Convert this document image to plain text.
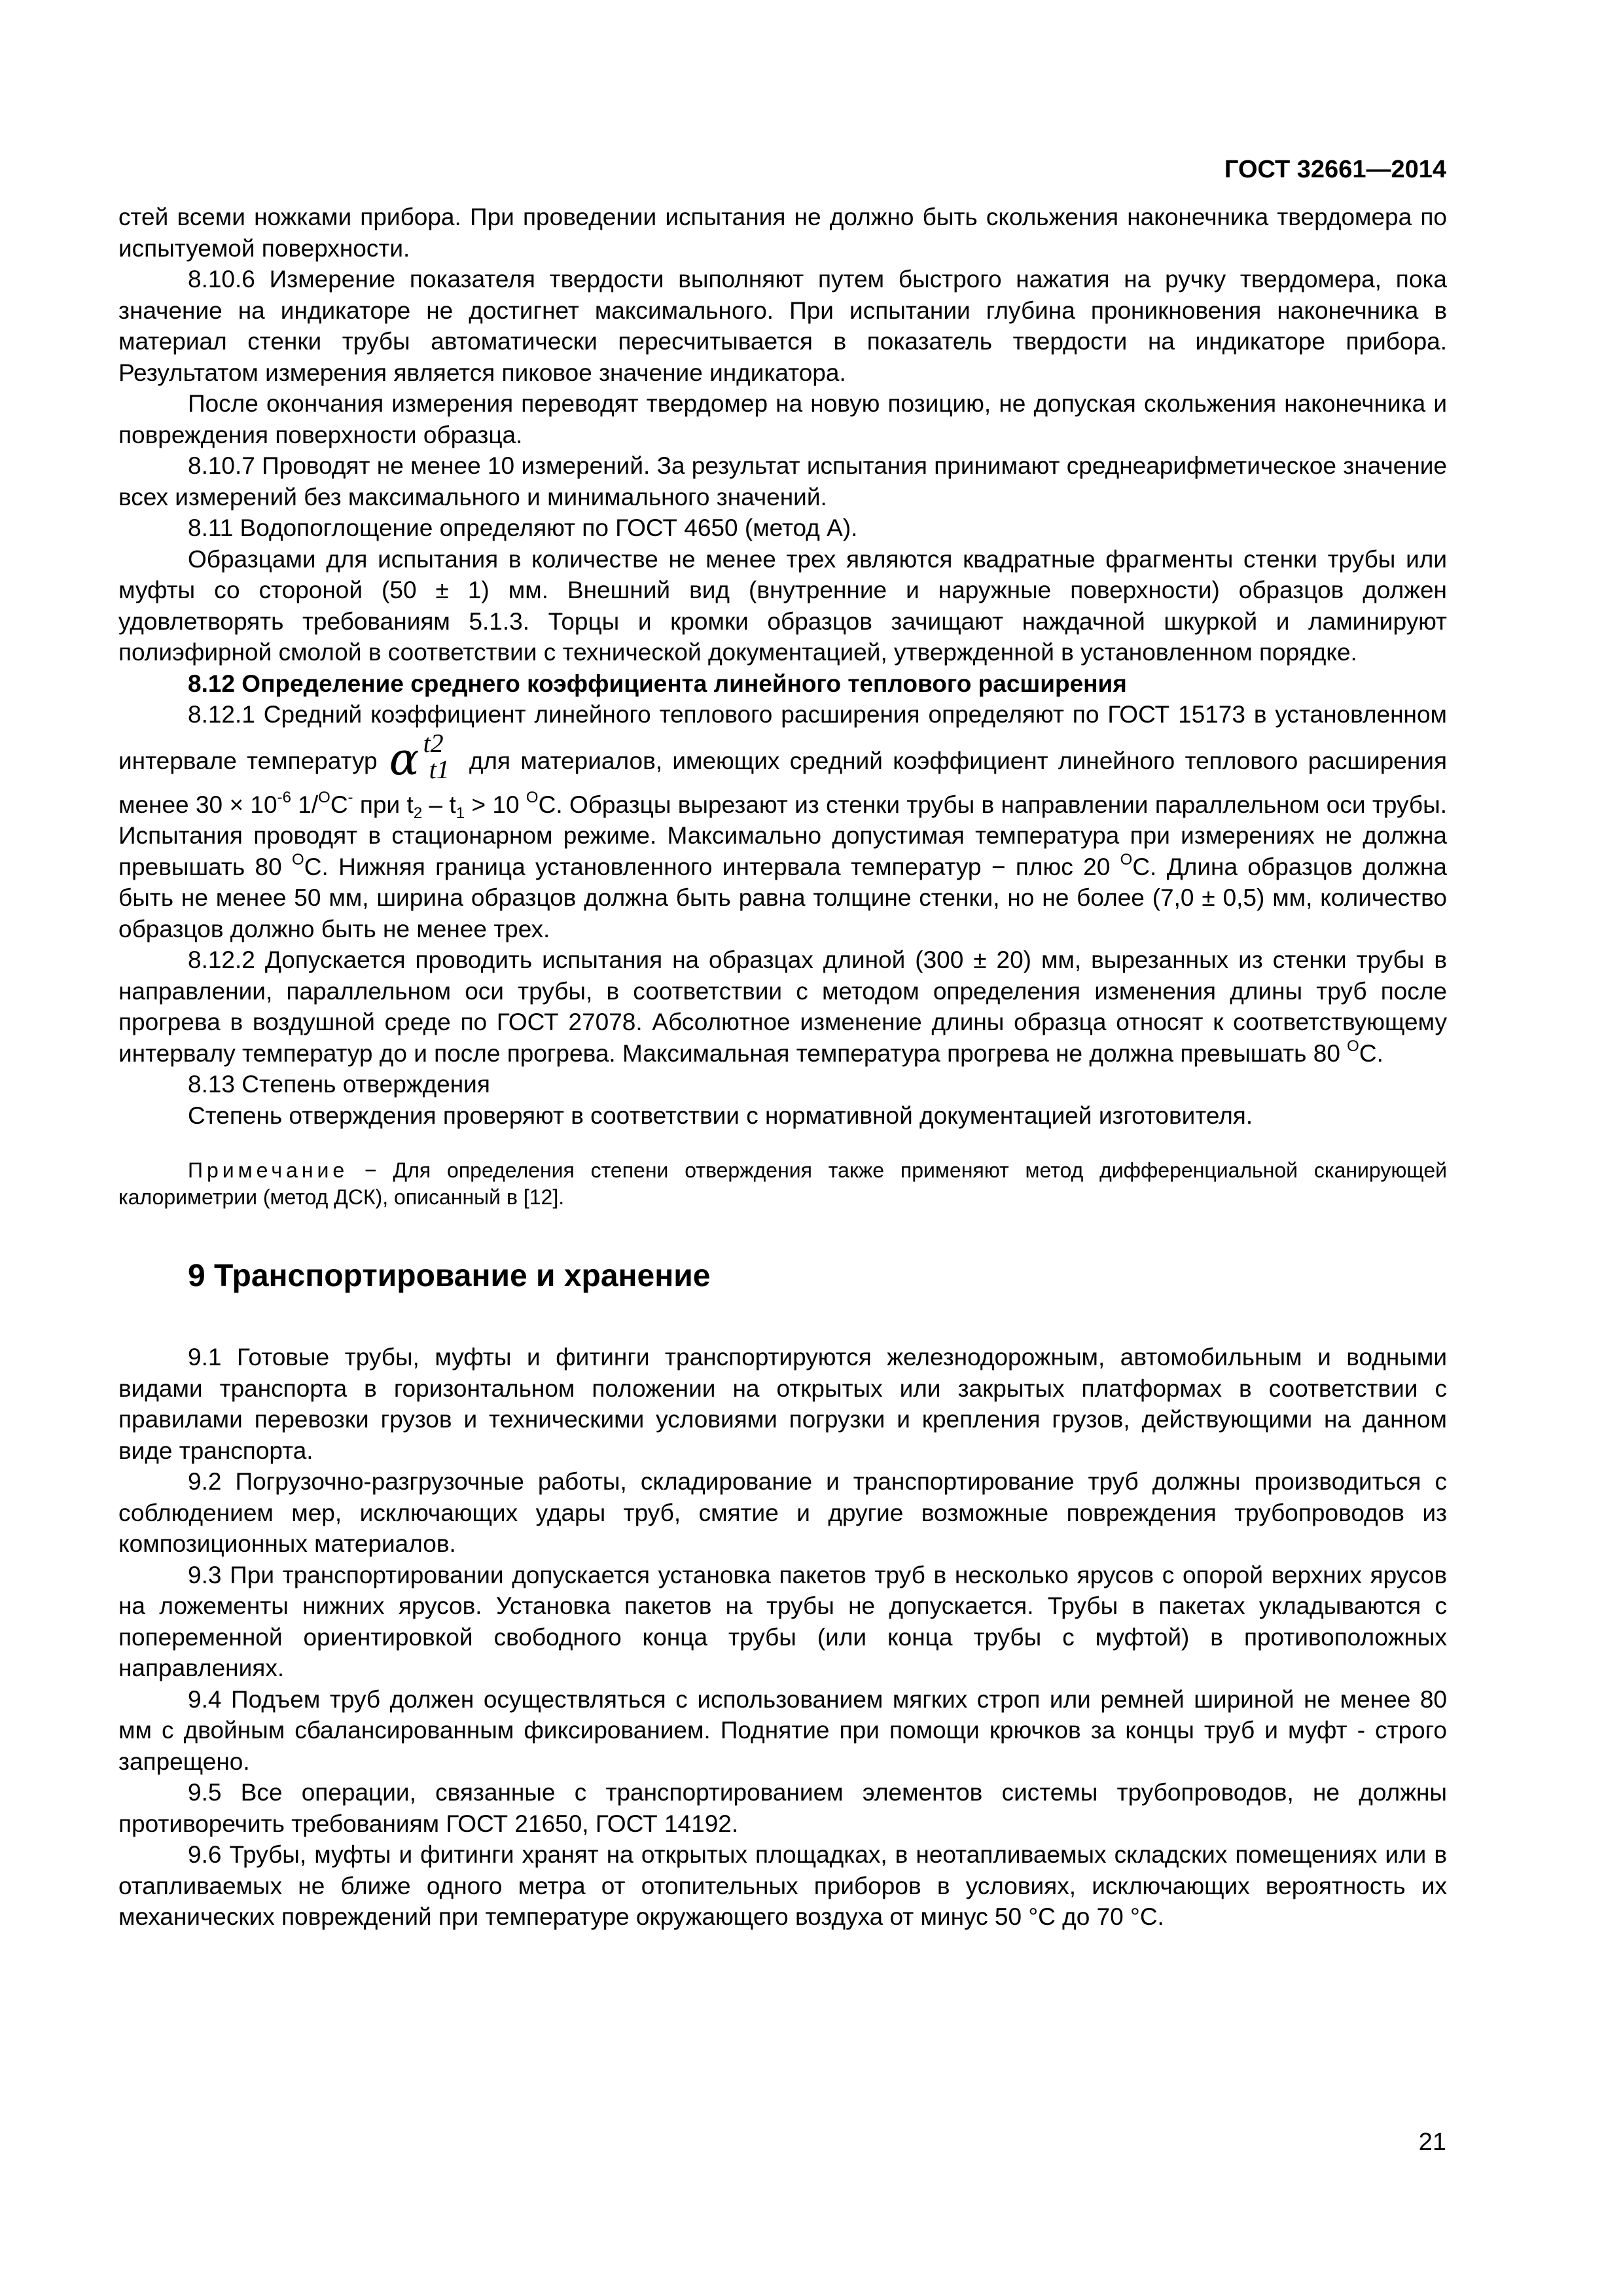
ГОСТ 32661—2014

стей всеми ножками прибора. При проведении испытания не должно быть скольжения наконечника твердомера по испытуемой поверхности.

8.10.6 Измерение показателя твердости выполняют путем быстрого нажатия на ручку твердомера, пока значение на индикаторе не достигнет максимального. При испытании глубина проникновения наконечника в материал стенки трубы автоматически пересчитывается в показатель твердости на индикаторе прибора. Результатом измерения является пиковое значение индикатора.

После окончания измерения переводят твердомер на новую позицию, не допуская скольжения наконечника и повреждения поверхности образца.

8.10.7 Проводят не менее 10 измерений. За результат испытания принимают среднеарифметическое значение всех измерений без максимального и минимального значений.

8.11 Водопоглощение определяют по ГОСТ 4650 (метод А).

Образцами для испытания в количестве не менее трех являются квадратные фрагменты стенки трубы или муфты со стороной (50 ± 1) мм. Внешний вид (внутренние и наружные поверхности) образцов должен удовлетворять требованиям 5.1.3. Торцы и кромки образцов зачищают наждачной шкуркой и ламинируют полиэфирной смолой в соответствии с технической документацией, утвержденной в установленном порядке.

8.12 Определение среднего коэффициента линейного теплового расширения

8.12.1 Средний коэффициент линейного теплового расширения определяют по ГОСТ 15173 в установленном интервале температур α t2t1 для материалов, имеющих средний коэффициент линейного теплового расширения менее $30 \times 10^{-6}$ 1/$^O$C- при $t_2 - t_1 > 10$ $^O$C. Образцы вырезают из стенки трубы в направлении параллельном оси трубы. Испытания проводят в стационарном режиме. Максимально допустимая температура при измерениях не должна превышать 80 $^O$C. Нижняя граница установленного интервала температур − плюс 20 $^O$C. Длина образцов должна быть не менее 50 мм, ширина образцов должна быть равна толщине стенки, но не более (7,0 ± 0,5) мм, количество образцов должно быть не менее трех.

8.12.2 Допускается проводить испытания на образцах длиной (300 ± 20) мм, вырезанных из стенки трубы в направлении, параллельном оси трубы, в соответствии с методом определения изменения длины труб после прогрева в воздушной среде по ГОСТ 27078. Абсолютное изменение длины образца относят к соответствующему интервалу температур до и после прогрева. Максимальная температура прогрева не должна превышать 80 $^O$C.

8.13 Степень отверждения

Степень отверждения проверяют в соответствии с нормативной документацией изготовителя.

Примечание − Для определения степени отверждения также применяют метод дифференциальной сканирующей калориметрии (метод ДСК), описанный в [12].

9 Транспортирование и хранение

9.1 Готовые трубы, муфты и фитинги транспортируются железнодорожным, автомобильным и водными видами транспорта в горизонтальном положении на открытых или закрытых платформах в соответствии с правилами перевозки грузов и техническими условиями погрузки и крепления грузов, действующими на данном виде транспорта.

9.2 Погрузочно-разгрузочные работы, складирование и транспортирование труб должны производиться с соблюдением мер, исключающих удары труб, смятие и другие возможные повреждения трубопроводов из композиционных материалов.

9.3 При транспортировании допускается установка пакетов труб в несколько ярусов с опорой верхних ярусов на ложементы нижних ярусов. Установка пакетов на трубы не допускается. Трубы в пакетах укладываются с попеременной ориентировкой свободного конца трубы (или конца трубы с муфтой) в противоположных направлениях.

9.4 Подъем труб должен осуществляться с использованием мягких строп или ремней шириной не менее 80 мм с двойным сбалансированным фиксированием. Поднятие при помощи крючков за концы труб и муфт - строго запрещено.

9.5 Все операции, связанные с транспортированием элементов системы трубопроводов, не должны противоречить требованиям ГОСТ 21650, ГОСТ 14192.

9.6 Трубы, муфты и фитинги хранят на открытых площадках, в неотапливаемых складских помещениях или в отапливаемых не ближе одного метра от отопительных приборов в условиях, исключающих вероятность их механических повреждений при температуре окружающего воздуха от минус 50 °С до 70 °С.

21
